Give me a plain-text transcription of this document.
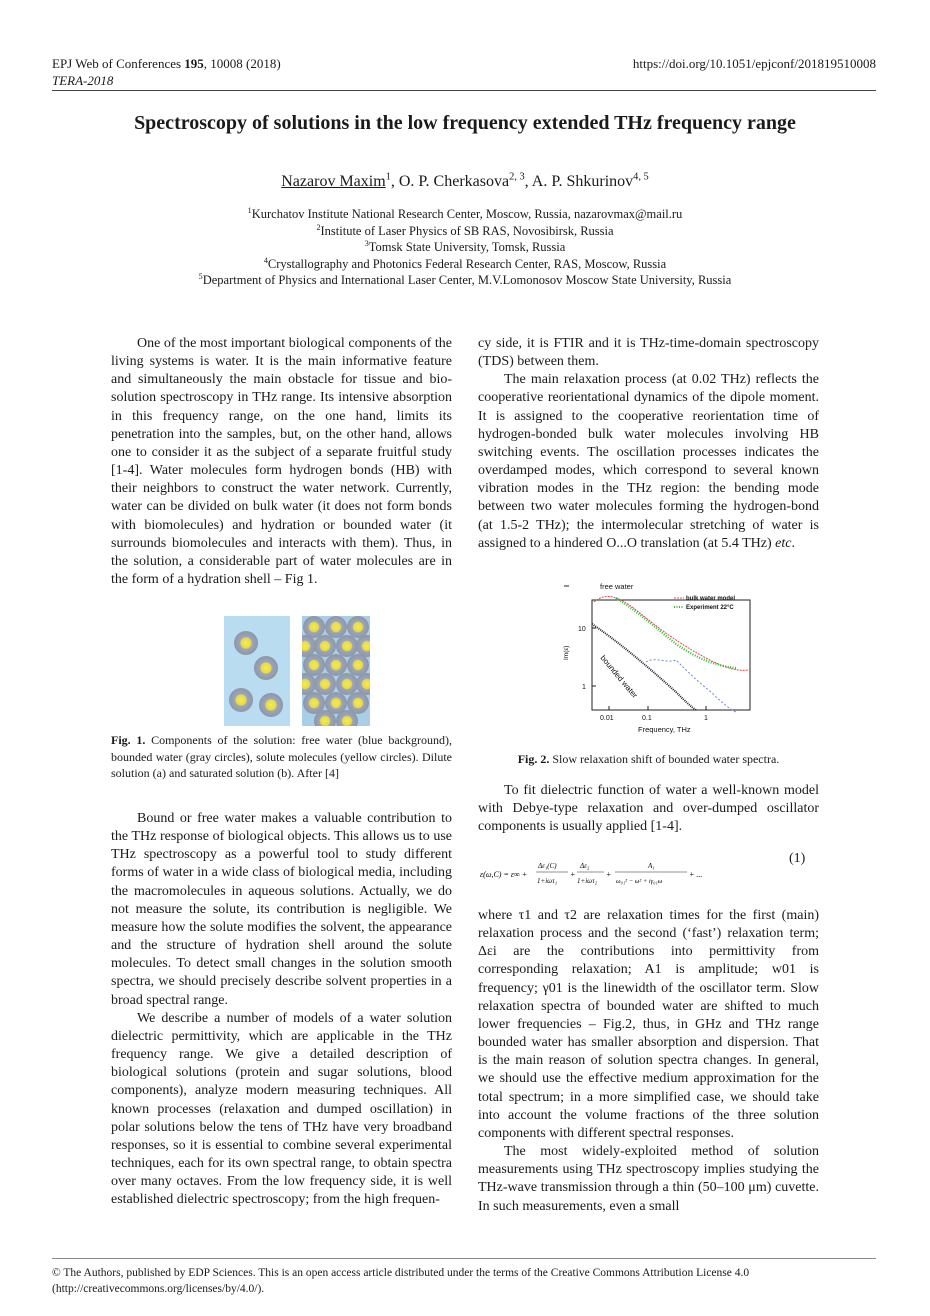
EPJ Web of Conferences 195, 10008 (2018)
TERA-2018
https://doi.org/10.1051/epjconf/201819510008
Spectroscopy of solutions in the low frequency extended THz frequency range
Nazarov Maxim$^1$, O. P. Cherkasova$^{2, 3}$, A. P. Shkurinov$^{4, 5}$
$^1$Kurchatov Institute National Research Center, Moscow, Russia, nazarovmax@mail.ru
$^2$Institute of Laser Physics of SB RAS, Novosibirsk, Russia
$^3$Tomsk State University, Tomsk, Russia
$^4$Crystallography and Photonics Federal Research Center, RAS, Moscow, Russia
$^5$Department of Physics and International Laser Center, M.V.Lomonosov Moscow State University, Russia

One of the most important biological components of the living systems is water. It is the main informative feature and simultaneously the main obstacle for tissue and bio-solution spectroscopy in THz range. Its intensive absorption in this frequency range, on the one hand, limits its penetration into the samples, but, on the other hand, allows one to consider it as the subject of a separate fruitful study [1-4]. Water molecules form hydrogen bonds (HB) with their neighbors to construct the water network. Currently, water can be divided on bulk water (it does not form bonds with biomolecules) and hydration or bounded water (it surrounds biomolecules and interacts with them). Thus, in the solution, a considerable part of water molecules are in the form of a hydration shell – Fig 1.

Fig. 1. Components of the solution: free water (blue background), bounded water (gray circles), solute molecules (yellow circles). Dilute solution (a) and saturated solution (b). After [4]

Bound or free water makes a valuable contribution to the THz response of biological objects. This allows us to use THz spectroscopy as a powerful tool to study different forms of water in a wide class of biological media, including the macromolecules in aqueous solutions. Actually, we do not measure the solute, its contribution is negligible. We measure how the solute modifies the solvent, the appearance and the structure of hydration shell around the solute molecules. To detect small changes in the solution smooth spectra, we should precisely describe solvent properties in a broad spectral range.

We describe a number of models of a water solution dielectric permittivity, which are applicable in the THz frequency range. We give a detailed description of biological solutions (protein and sugar solutions, blood components), analyze modern measuring techniques. All known processes (relaxation and dumped oscillation) in polar solutions below the tens of THz have very broadband responses, so it is essential to combine several experimental techniques, each for its own spectral range, to obtain spectra over many octaves. From the low frequency side, it is well established dielectric spectroscopy; from the high frequen-

cy side, it is FTIR and it is THz-time-domain spectroscopy (TDS) between them.

The main relaxation process (at 0.02 THz) reflects the cooperative reorientational dynamics of the dipole moment. It is assigned to the cooperative reorientation time of hydrogen-bonded bulk water molecules involving HB switching events. The oscillation processes indicates the overdamped modes, which correspond to several known vibration modes in the THz region: the bending mode between two water molecules forming the hydrogen-bond (at 1.5-2 THz); the intermolecular stretching of water is assigned to a hindered O...O translation (at 5.4 THz) etc.

free water
bulk water model
Experiment 22°C
bounded water
Im(ε)
10
1
0.01	0.1	1
Frequency, THz
Fig. 2. Slow relaxation shift of bounded water spectra.

To fit dielectric function of water a well-known model with Debye-type relaxation and over-dumped oscillator components is usually applied [1-4].

ε(ω,C) = ε∞ +
Δε₁(C)
1+iωτ₁
+
Δε₂
1+iωτ₂
+
A₁
ω₀₁² − ω² + iγ₀₁ω
+ ...
(1)

where τ1 and τ2 are relaxation times for the first (main) relaxation process and the second (‘fast’) relaxation term; Δεi are the contributions into permittivity from corresponding relaxation; A1 is amplitude; w01 is frequency; γ01 is the linewidth of the oscillator term. Slow relaxation spectra of bounded water are shifted to much lower frequencies – Fig.2, thus, in GHz and THz range bounded water has smaller absorption and dispersion. That is the main reason of solution spectra changes. In general, we should use the effective medium approximation for the total spectrum; in a more simplified case, we should take into account the volume fractions of the three solution components with different spectral responses.

The most widely-exploited method of solution measurements using THz spectroscopy implies studying the THz-wave transmission through a thin (50–100 μm) cuvette. In such measurements, even a small

© The Authors, published by EDP Sciences. This is an open access article distributed under the terms of the Creative Commons Attribution License 4.0
(http://creativecommons.org/licenses/by/4.0/).
